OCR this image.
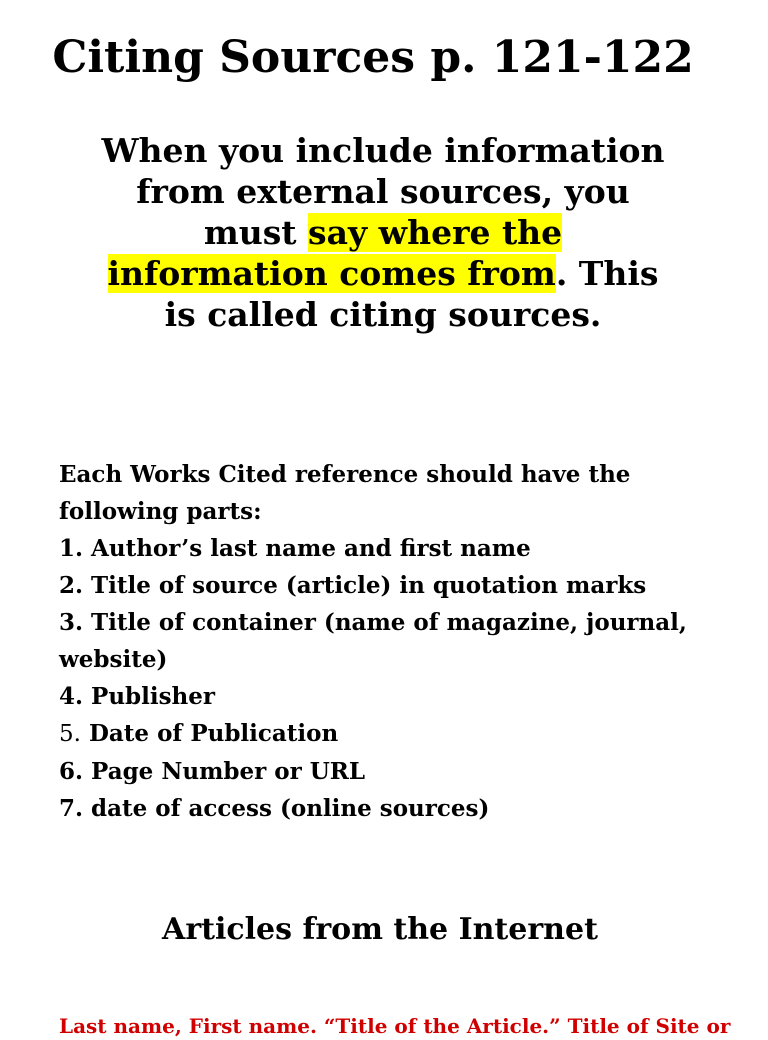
Citing Sources p. 121-122

When you include information from external sources, you must say where the information comes from. This is called citing sources.

Each Works Cited reference should have the following parts:
1. Author’s last name and first name
2. Title of source (article) in quotation marks
3. Title of container (name of magazine, journal, website)
4. Publisher
5. Date of Publication
6. Page Number or URL
7. date of access (online sources)
Articles from the Internet

Last name, First name. “Title of the Article.” Title of Site or
